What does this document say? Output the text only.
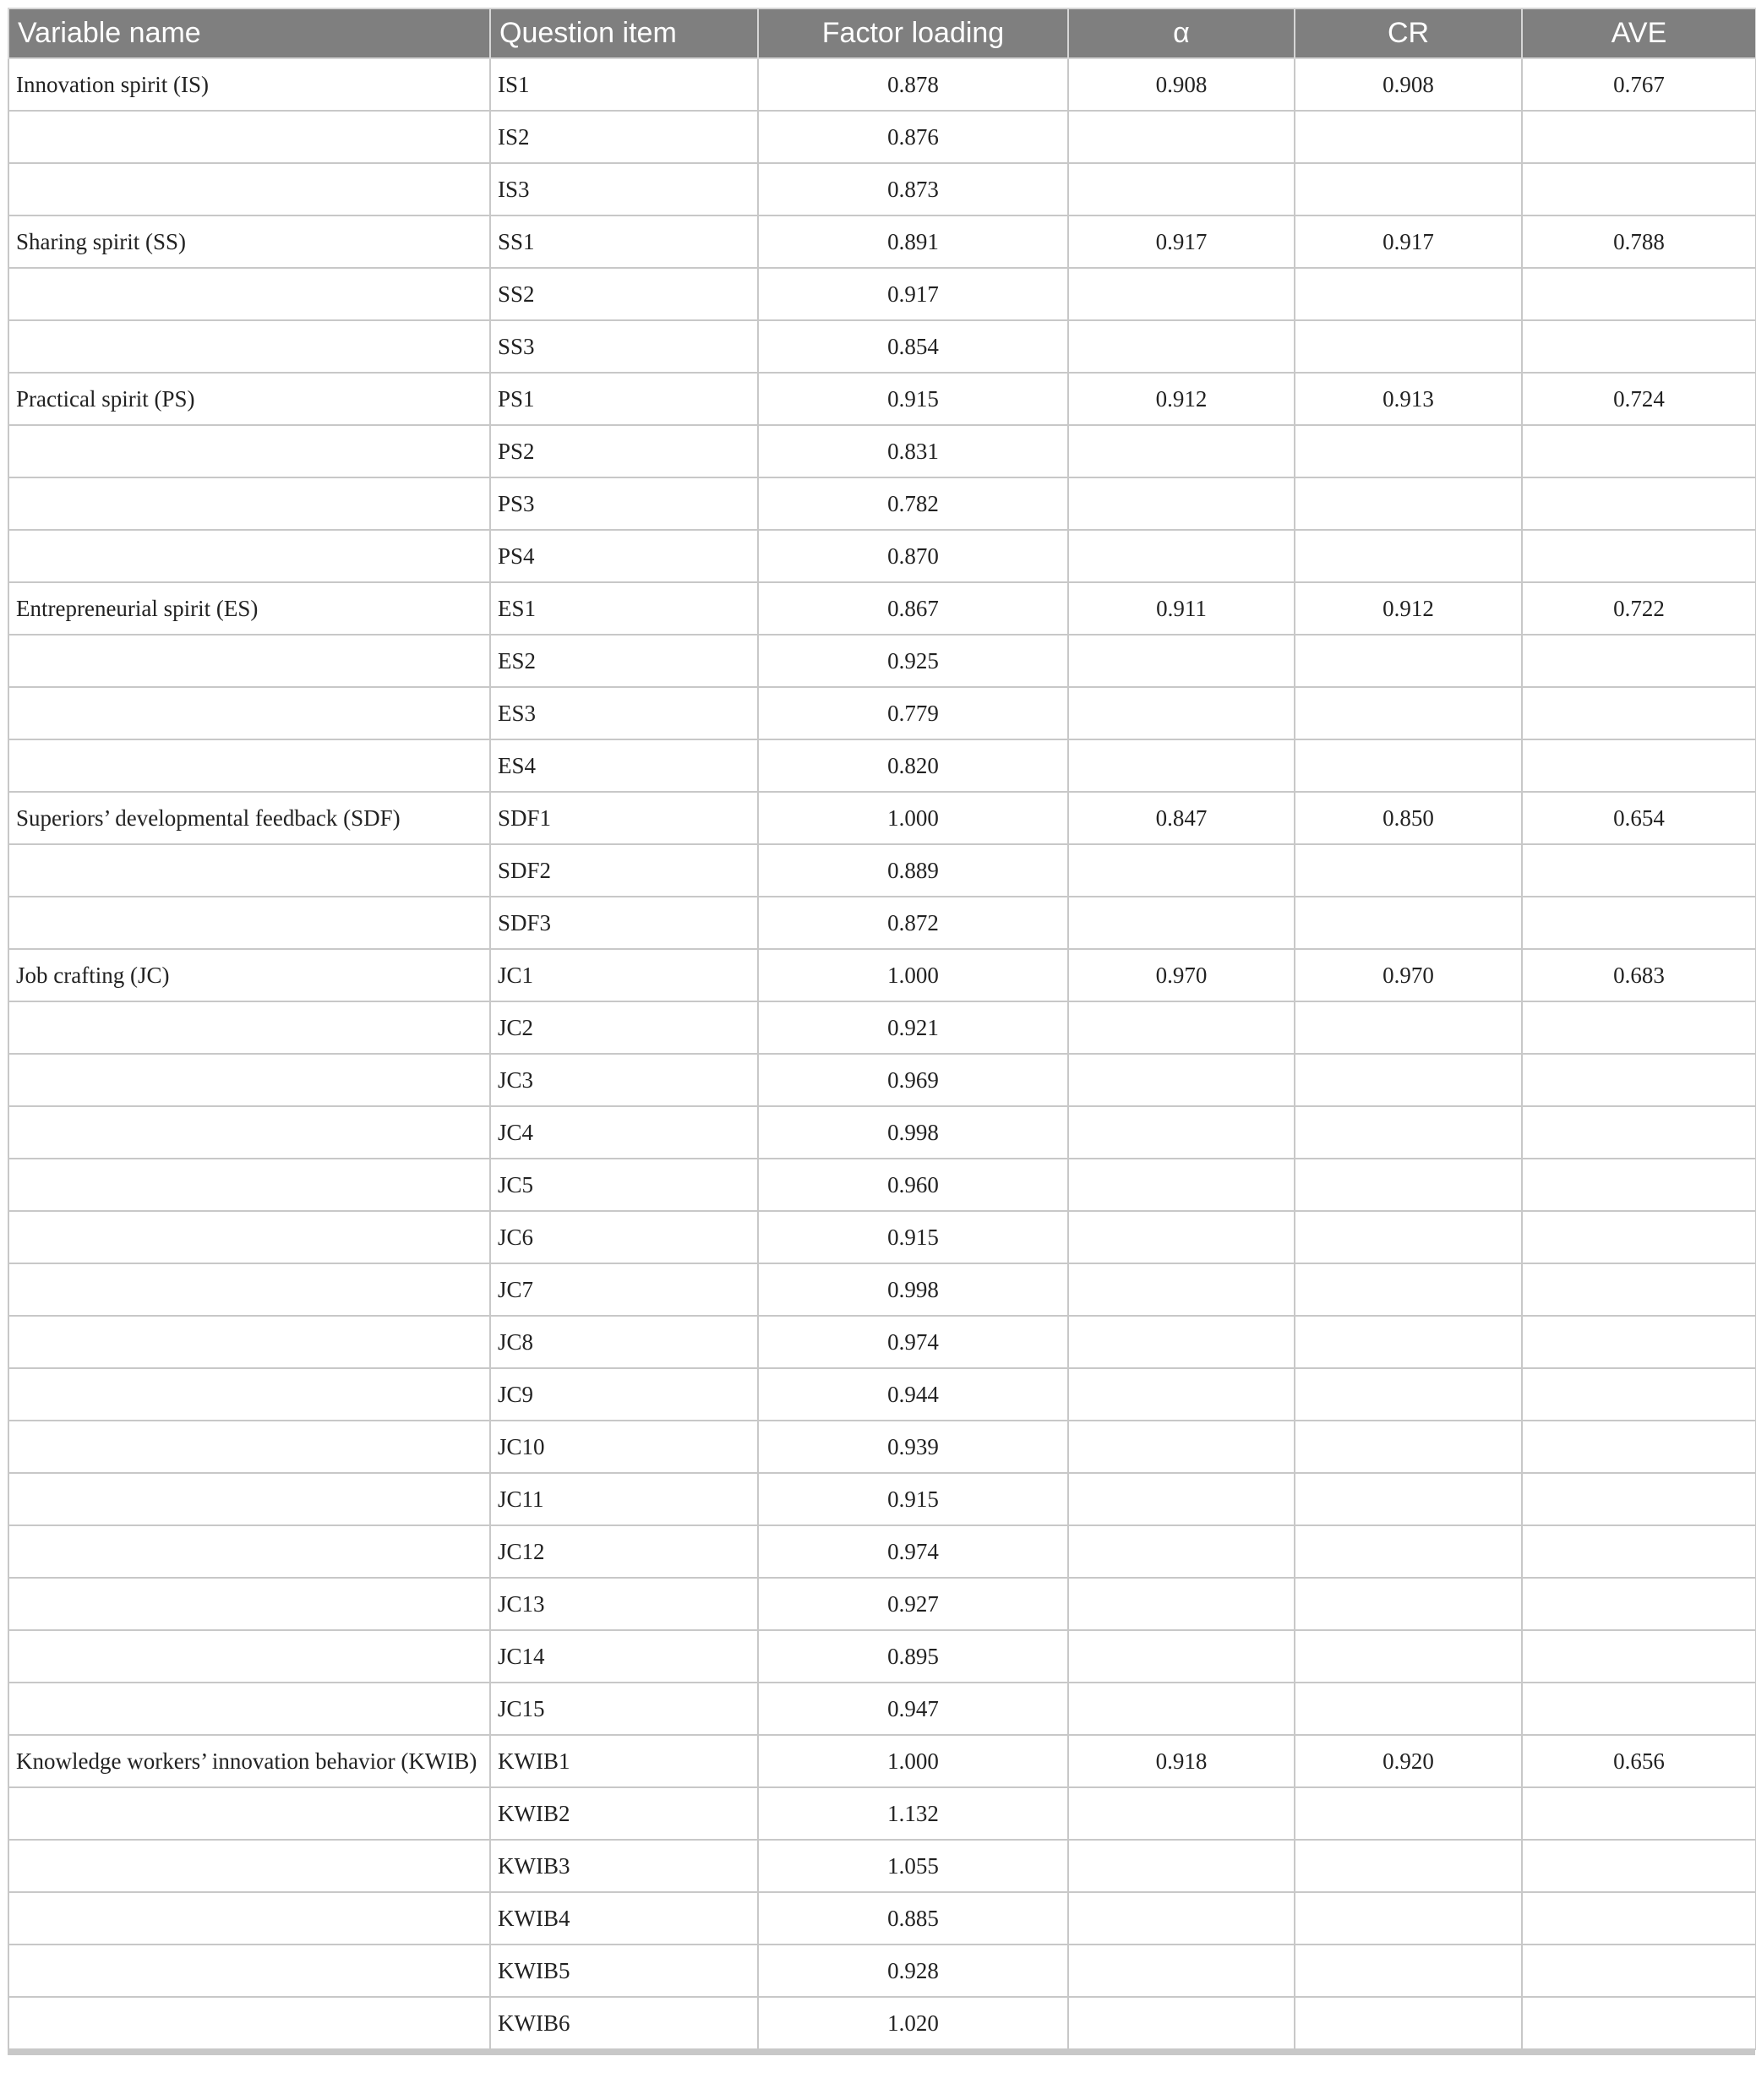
Variable name	Question item	Factor loading	α	CR	AVE
Innovation spirit (IS)	IS1	0.878	0.908	0.908	0.767
	IS2	0.876			
	IS3	0.873			
Sharing spirit (SS)	SS1	0.891	0.917	0.917	0.788
	SS2	0.917			
	SS3	0.854			
Practical spirit (PS)	PS1	0.915	0.912	0.913	0.724
	PS2	0.831			
	PS3	0.782			
	PS4	0.870			
Entrepreneurial spirit (ES)	ES1	0.867	0.911	0.912	0.722
	ES2	0.925			
	ES3	0.779			
	ES4	0.820			
Superiors’ developmental feedback (SDF)	SDF1	1.000	0.847	0.850	0.654
	SDF2	0.889			
	SDF3	0.872			
Job crafting (JC)	JC1	1.000	0.970	0.970	0.683
	JC2	0.921			
	JC3	0.969			
	JC4	0.998			
	JC5	0.960			
	JC6	0.915			
	JC7	0.998			
	JC8	0.974			
	JC9	0.944			
	JC10	0.939			
	JC11	0.915			
	JC12	0.974			
	JC13	0.927			
	JC14	0.895			
	JC15	0.947			
Knowledge workers’ innovation behavior (KWIB)	KWIB1	1.000	0.918	0.920	0.656
	KWIB2	1.132			
	KWIB3	1.055			
	KWIB4	0.885			
	KWIB5	0.928			
	KWIB6	1.020			
